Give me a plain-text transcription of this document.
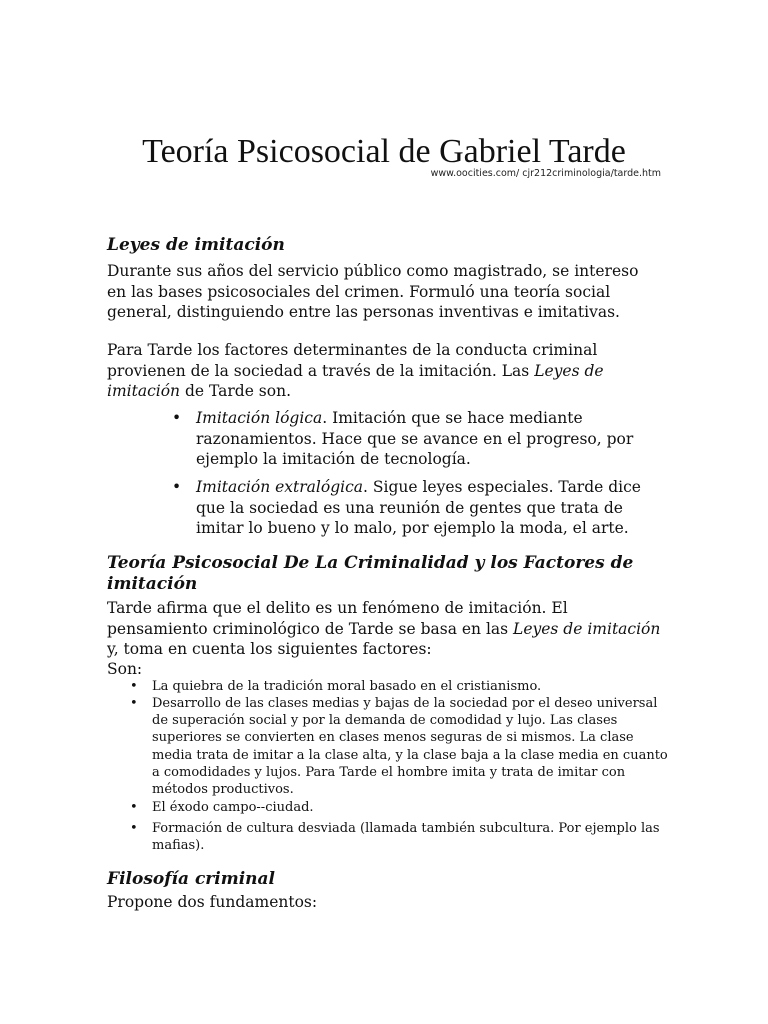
Teoría Psicosocial de Gabriel Tarde
www.oocities.com/ cjr212criminologia/tarde.htm
Leyes de imitación

Durante sus años del servicio público como magistrado, se intereso en las bases psicosociales del crimen. Formuló una teoría social general, distinguiendo entre las personas inventivas e imitativas.

Para Tarde los factores determinantes de la conducta criminal provienen de la sociedad a través de la imitación. Las Leyes de imitación de Tarde son.

• Imitación lógica. Imitación que se hace mediante razonamientos. Hace que se avance en el progreso, por ejemplo la imitación de tecnología.

• Imitación extralógica. Sigue leyes especiales. Tarde dice que la sociedad es una reunión de gentes que trata de imitar lo bueno y lo malo, por ejemplo la moda, el arte.

Teoría Psicosocial De La Criminalidad y los Factores de imitación

Tarde afirma que el delito es un fenómeno de imitación. El pensamiento criminológico de Tarde se basa en las Leyes de imitación y, toma en cuenta los siguientes factores:

Son:

• La quiebra de la tradición moral basado en el cristianismo.

• Desarrollo de las clases medias y bajas de la sociedad por el deseo universal de superación social y por la demanda de comodidad y lujo. Las clases superiores se convierten en clases menos seguras de si mismos. La clase media trata de imitar a la clase alta, y la clase baja a la clase media en cuanto a comodidades y lujos. Para Tarde el hombre imita y trata de imitar con métodos productivos.

• El éxodo campo--ciudad.

• Formación de cultura desviada (llamada también subcultura. Por ejemplo las mafias).

Filosofía criminal

Propone dos fundamentos:
